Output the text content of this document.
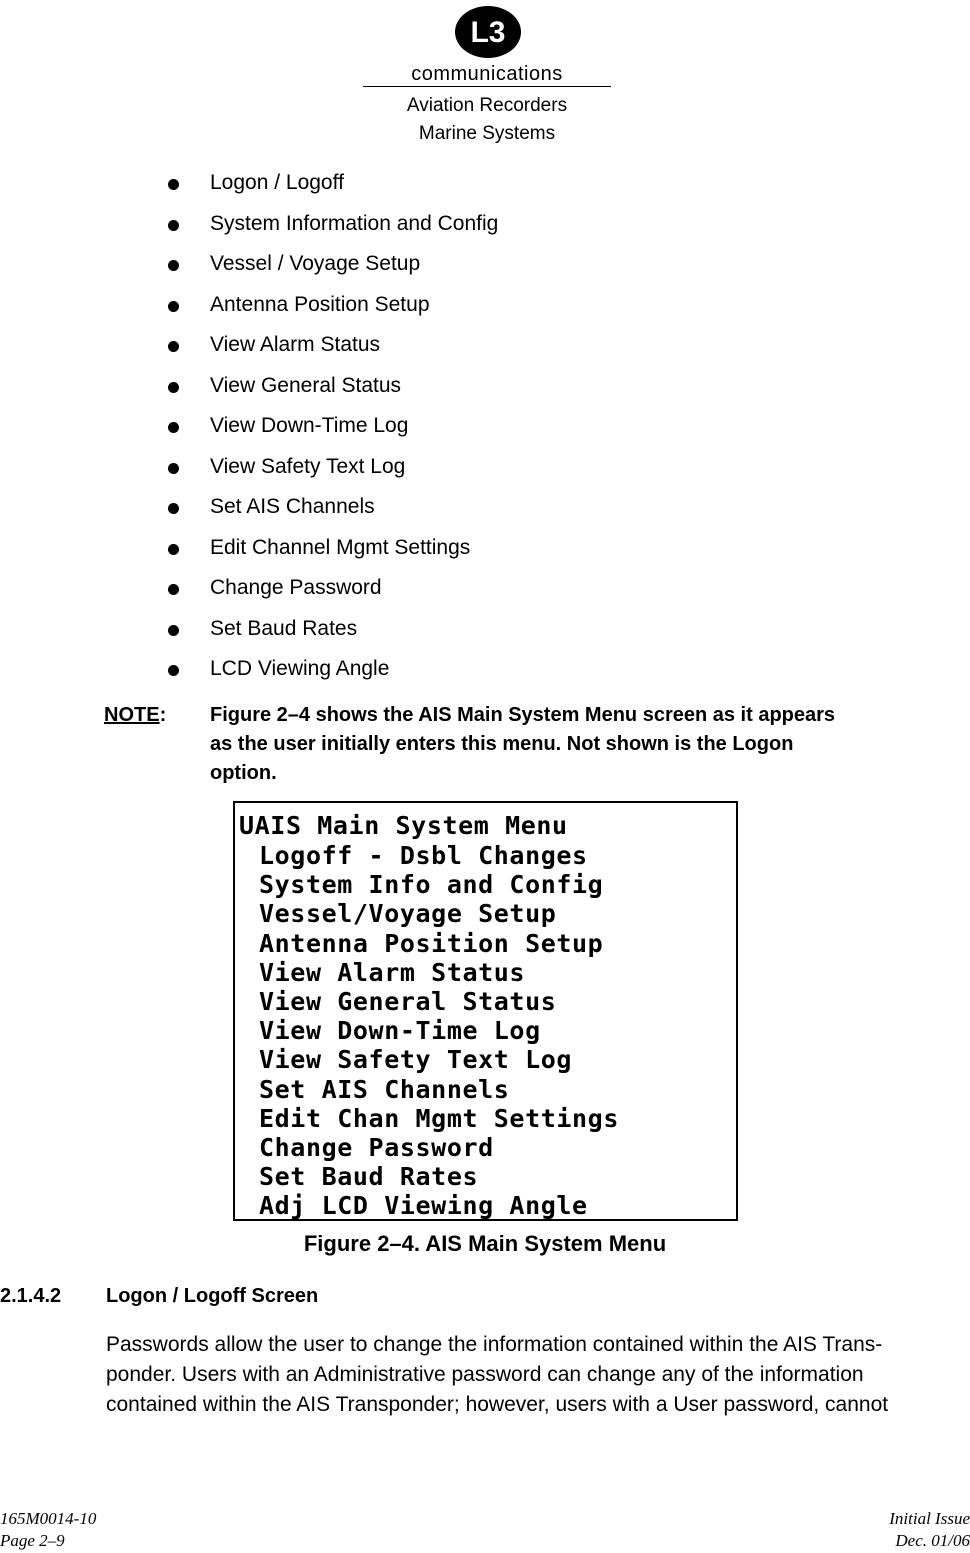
L3
communications
Aviation Recorders
Marine Systems
Logon / Logoff
System Information and Config
Vessel / Voyage Setup
Antenna Position Setup
View Alarm Status
View General Status
View Down-Time Log
View Safety Text Log
Set AIS Channels
Edit Channel Mgmt Settings
Change Password
Set Baud Rates
LCD Viewing Angle
NOTE: Figure 2–4 shows the AIS Main System Menu screen as it appears as the user initially enters this menu. Not shown is the Logon option.
UAIS Main System Menu
Logoff - Dsbl Changes
System Info and Config
Vessel/Voyage Setup
Antenna Position Setup
View Alarm Status
View General Status
View Down-Time Log
View Safety Text Log
Set AIS Channels
Edit Chan Mgmt Settings
Change Password
Set Baud Rates
Adj LCD Viewing Angle
Figure 2–4. AIS Main System Menu
2.1.4.2 Logon / Logoff Screen
Passwords allow the user to change the information contained within the AIS Trans-
ponder. Users with an Administrative password can change any of the information
contained within the AIS Transponder; however, users with a User password, cannot
165M0014-10
Page 2–9
Initial Issue
Dec. 01/06
